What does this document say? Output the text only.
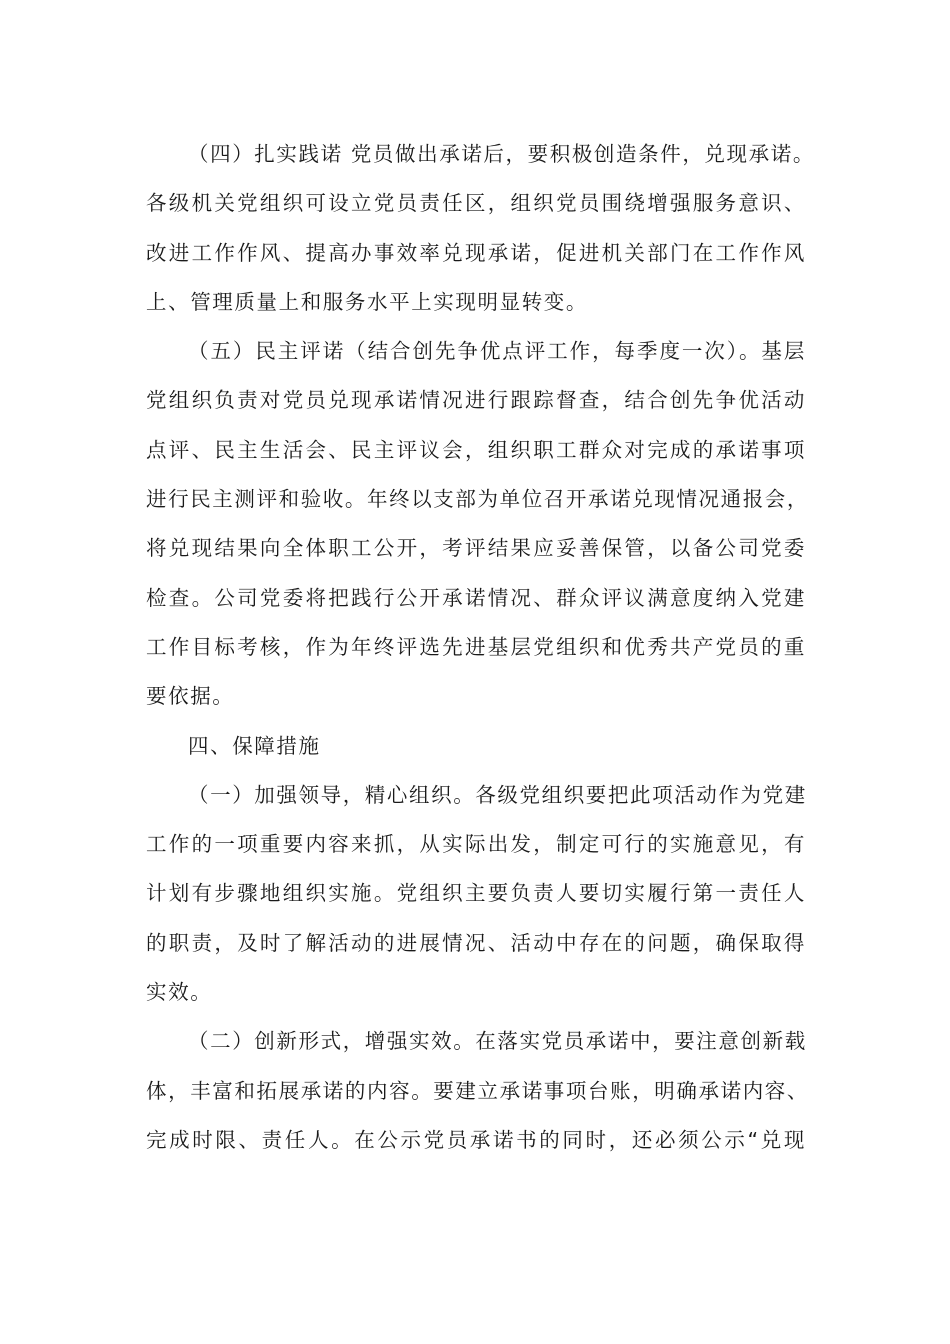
（四）扎实践诺 党员做出承诺后，要积极创造条件，兑现承诺。
各级机关党组织可设立党员责任区，组织党员围绕增强服务意识、
改进工作作风、提高办事效率兑现承诺，促进机关部门在工作作风
上、管理质量上和服务水平上实现明显转变。
（五）民主评诺（结合创先争优点评工作，每季度一次）。基层
党组织负责对党员兑现承诺情况进行跟踪督查，结合创先争优活动
点评、民主生活会、民主评议会，组织职工群众对完成的承诺事项
进行民主测评和验收。年终以支部为单位召开承诺兑现情况通报会，
将兑现结果向全体职工公开，考评结果应妥善保管，以备公司党委
检查。公司党委将把践行公开承诺情况、群众评议满意度纳入党建
工作目标考核，作为年终评选先进基层党组织和优秀共产党员的重
要依据。
四、保障措施
（一）加强领导，精心组织。各级党组织要把此项活动作为党建
工作的一项重要内容来抓，从实际出发，制定可行的实施意见，有
计划有步骤地组织实施。党组织主要负责人要切实履行第一责任人
的职责，及时了解活动的进展情况、活动中存在的问题，确保取得
实效。
（二）创新形式，增强实效。在落实党员承诺中，要注意创新载
体，丰富和拓展承诺的内容。要建立承诺事项台账，明确承诺内容、
完成时限、责任人。在公示党员承诺书的同时，还必须公示“兑现
